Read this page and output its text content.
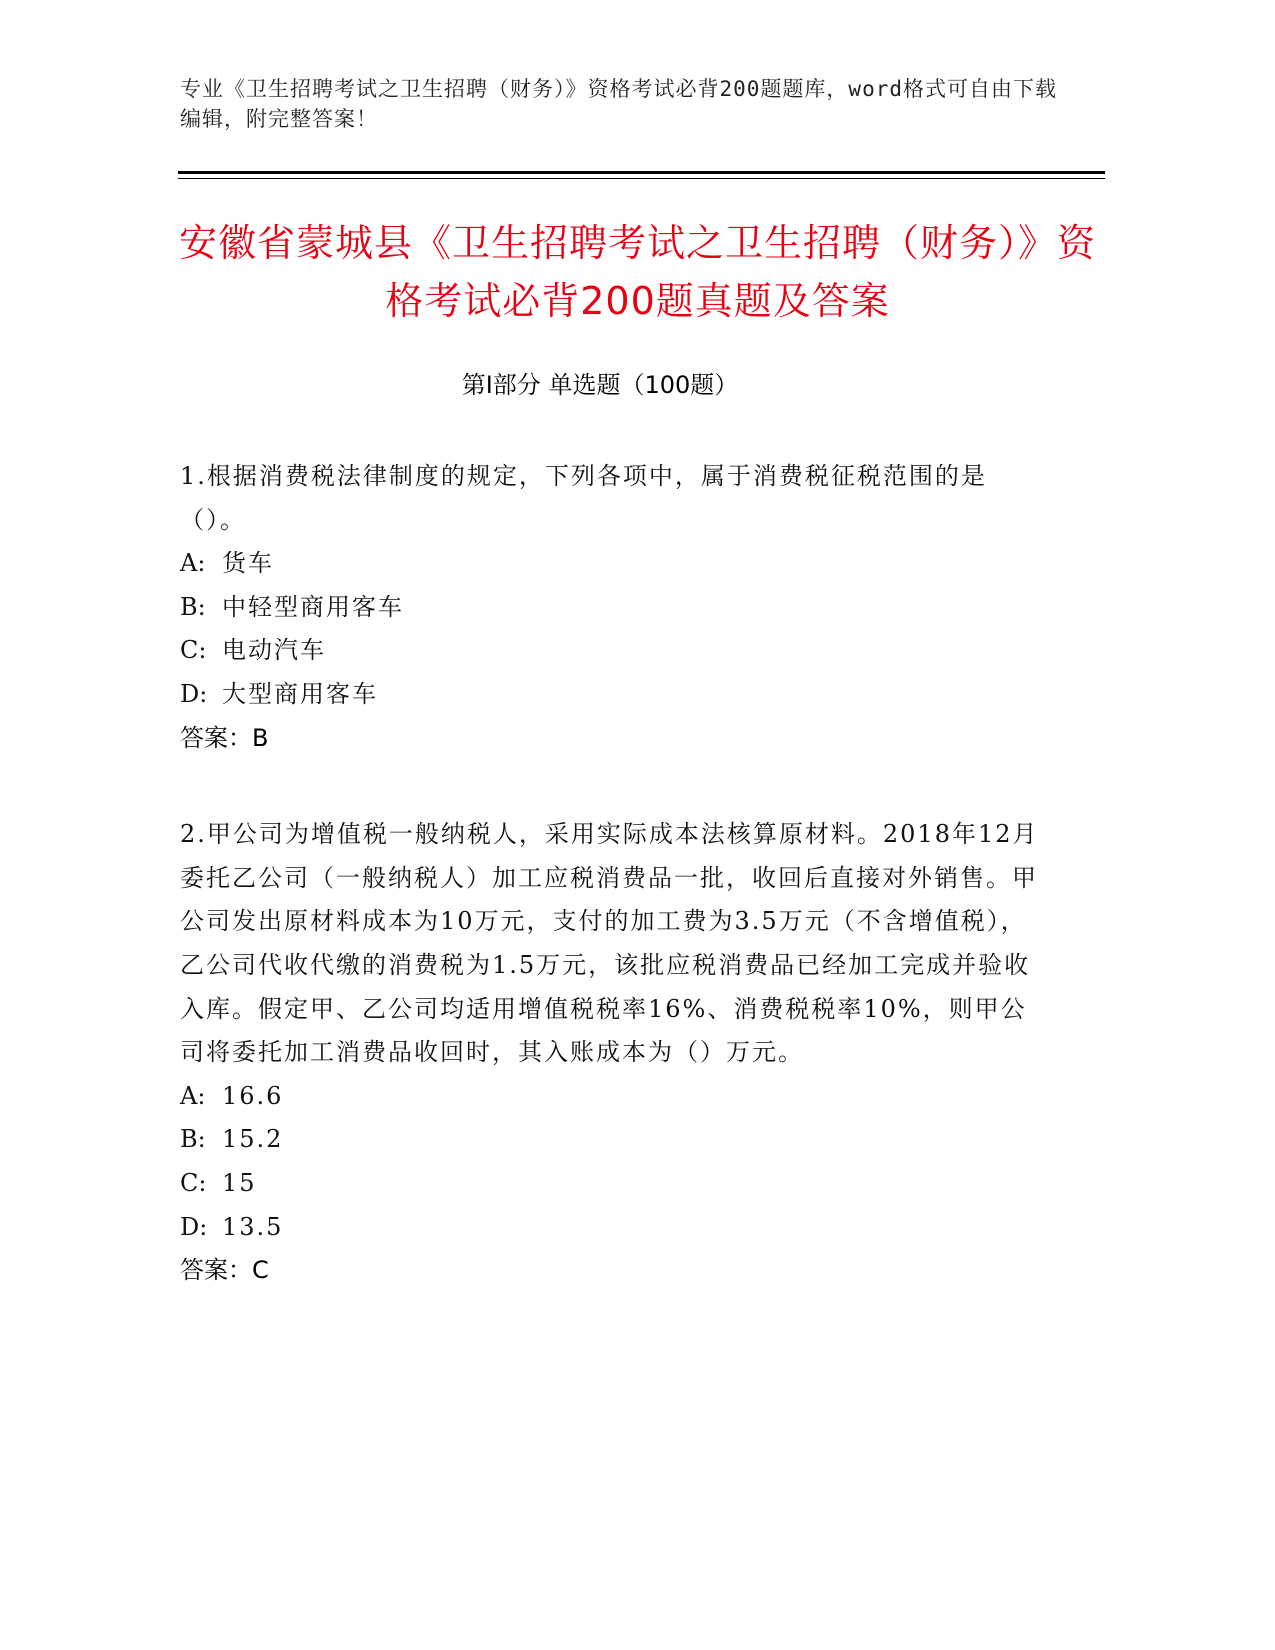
专业《卫生招聘考试之卫生招聘（财务）》资格考试必背200题题库，word格式可自由下载编辑，附完整答案！
安徽省蒙城县《卫生招聘考试之卫生招聘（财务）》资格考试必背200题真题及答案
第Ⅰ部分 单选题（100题）
1.根据消费税法律制度的规定，下列各项中，属于消费税征税范围的是（）。
A: 货车
B: 中轻型商用客车
C: 电动汽车
D: 大型商用客车
答案：B
2.甲公司为增值税一般纳税人，采用实际成本法核算原材料。2018年12月委托乙公司（一般纳税人）加工应税消费品一批，收回后直接对外销售。甲公司发出原材料成本为10万元，支付的加工费为3.5万元（不含增值税），乙公司代收代缴的消费税为1.5万元，该批应税消费品已经加工完成并验收入库。假定甲、乙公司均适用增值税税率16%、消费税税率10%，则甲公司将委托加工消费品收回时，其入账成本为（）万元。
A: 16.6
B: 15.2
C: 15
D: 13.5
答案：C
